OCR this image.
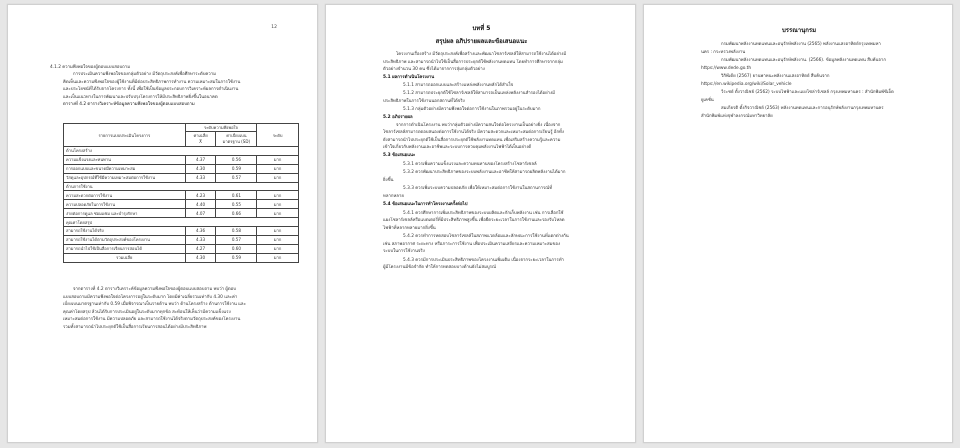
12
4.1.2 ความพึงพอใจของผู้ตอบแบบสอบถาม
การประเมินความพึงพอใจของกลุ่มตัวอย่าง มีวัตถุประสงค์เพื่อศึกษาระดับความ
คิดเห็นและความพึงพอใจของผู้ใช้งานที่มีต่อประสิทธิภาพการทำงาน ความเหมาะสมในการใช้งาน
และประโยชน์ที่ได้รับจากโครงการ ทั้งนี้ เพื่อใช้เป็นข้อมูลประกอบการวิเคราะห์ผลการดำเนินงาน
และเป็นแนวทางในการพัฒนาและปรับปรุงโครงการให้มีประสิทธิภาพยิ่งขึ้นในอนาคต
ตารางที่ 4.2 ตารางวิเคราะห์ข้อมูลความพึงพอใจของผู้ตอบแบบสอบถาม
รายการแบบประเมินโครงการ	ระดับความพึงพอใจ		ระดับ
	ค่าเฉลี่ย
X̄	ค่าเบี่ยงเบน
มาตรฐาน (SD)	
ด้านโครงสร้าง			
ความแข็งแรงและทนทาน	4.37	0.56	มาก
การออกแบบและขนาดมีความเหมาะสม	4.30	0.59	มาก
วัสดุและอุปกรณ์ที่ใช้มีความเหมาะสมต่อการใช้งาน	4.33	0.57	มาก
ด้านการใช้งาน			
ความสะดวกต่อการใช้งาน	4.23	0.61	มาก
ความปลอดภัยในการใช้งาน	4.40	0.55	มาก
ง่ายต่อการดูแล ซ่อมแซม และบำรุงรักษา	4.07	0.66	มาก
คุณค่าโดยสรุป			
สามารถใช้งานได้จริง	4.36	0.58	มาก
สามารถใช้งานได้ตามวัตถุประสงค์ของโครงงาน	4.33	0.57	มาก
สามารถนำไปใช้เป็นสื่อการเรียนการสอนได้	4.27	0.60	มาก
รวมเฉลี่ย	4.30	0.59	มาก
จากตารางที่ 4.2 ตารางวิเคราะห์ข้อมูลความพึงพอใจของผู้ตอบแบบสอบถาม พบว่า ผู้ตอบ
แบบสอบถามมีความพึงพอใจต่อโครงการอยู่ในระดับมาก โดยมีค่าเฉลี่ยรวมเท่ากับ 4.30 และค่า
เบี่ยงเบนมาตรฐานเท่ากับ 0.59 เมื่อพิจารณาเป็นรายด้าน พบว่า ด้านโครงสร้าง ด้านการใช้งาน และ
คุณค่าโดยสรุป ล้วนได้รับการประเมินอยู่ในระดับมากทุกข้อ สะท้อนให้เห็นว่ามีความแข็งแรง
เหมาะสมต่อการใช้งาน มีความปลอดภัย และสามารถใช้งานได้จริงตามวัตถุประสงค์ของโครงงาน
รวมทั้งสามารถนำไปประยุกต์ใช้เป็นสื่อการเรียนการสอนได้อย่างมีประสิทธิภาพ
บทที่ 5
สรุปผล อภิปรายผลและข้อเสนอแนะ
โครงงานเรื่องสร้าง มีวัตถุประสงค์เพื่อสร้างและพัฒนาโซลาร์เซลล์ให้สามารถใช้งานได้อย่างมี
ประสิทธิภาพ และสามารถนำไปใช้เป็นสื่อการประยุกต์ใช้พลังงานทดแทน โดยทำการศึกษาจากกลุ่ม
ตัวอย่างจำนวน 30 คน ซึ่งได้มาจากการสุ่มกลุ่มตัวอย่าง
5.1 ผลการดำเนินโครงงาน
5.1.1 สามารถออกแบบและสร้างแหล่งพลังงานหลักได้สำเร็จ
5.1.2 สามารถประยุกต์ใช้โซลาร์เซลล์ให้สามารถเป็นแหล่งพลังงานสำรองได้อย่างมี
ประสิทธิภาพในการใช้งานนอกสถานที่ได้จริง
5.1.3 กลุ่มตัวอย่างมีความพึงพอใจต่อการใช้งานในภาพรวมอยู่ในระดับมาก
5.2 อภิปรายผล
จากการดำเนินโครงงาน พบว่ากลุ่มตัวอย่างมีความสนใจต่อโครงงานเป็นอย่างยิ่ง เนื่องจาก
โซลาร์เซลล์สามารถตอบสนองต่อการใช้งานได้จริง มีความสะดวกและเหมาะสมต่อการเรียนรู้ อีกทั้ง
ยังสามารถนำไปประยุกต์ใช้เป็นสื่อการประยุกต์ใช้พลังงานทดแทน เพื่อเสริมสร้างความรู้และความ
เข้าใจเกี่ยวกับพลังงานและอาชีพและระบบการควบคุมพลังงานไฟฟ้าได้เป็นอย่างดี
5.3 ข้อเสนอแนะ
5.3.1 ควรเพิ่มความแข็งแรงและความทนทานของโครงสร้างโซลาร์เซลล์
5.3.2 ควรพัฒนาประสิทธิภาพของระบบพลังงานและอาชีพให้สามารถผลิตพลังงานได้มาก
ยิ่งขึ้น
5.3.3 ควรเพิ่มระบบความปลอดภัย เพื่อให้เหมาะสมต่อการใช้งานในสถานการณ์ที่
หลากหลาย
5.4 ข้อเสนอแนะในการทำโครงงานครั้งต่อไป
5.4.1 ควรศึกษาการเพิ่มประสิทธิภาพของระบบผลิตและกักเก็บพลังงาน เช่น การเลือกใช้
แผงโซลาร์เซลล์หรือแบตเตอรี่ที่มีประสิทธิภาพสูงขึ้น เพื่อยืดระยะเวลาในการใช้งานและรองรับโหลด
ไฟฟ้าที่หลากหลายมากยิ่งขึ้น
5.4.2 ควรทำการทดสอบโซลาร์เซลล์ในสภาพแวดล้อมและลักษณะการใช้งานที่แตกต่างกัน
เช่น สภาพอากาศ ระยะทาง หรือภาระการใช้งาน เพื่อประเมินความเสถียรและความเหมาะสมของ
ระบบในการใช้งานจริง
5.4.3 ควรมีการประเมินประสิทธิภาพของโครงงานเพิ่มเติม เนื่องจากระยะเวลาในการทำ
ผู้มีโครงงานมีข้อจำกัด ทำให้การทดสอบบางด้านยังไม่สมบูรณ์
บรรณานุกรม
กรมพัฒนาพลังงานทดแทนและอนุรักษ์พลังงาน (2565) พลังงานแสงอาทิตย์กรุงเทพมหา
นคร : กระทรวงพลังงาน
กรมพัฒนาพลังงานทดแทนและอนุรักษ์พลังงาน. (2566). ข้อมูลพลังงานทดแทน สืบค้นจาก
https://www.dede.go.th
วิกิพีเดีย (2567) ยานพาหนะพลังงานแสงอาทิตย์ สืบค้นจาก
https://en.wikipedia.org/wiki/Solar_vehicle
วีระชย์ ตั้งวาณิชย์ (2562) ระบบไฟฟ้าและแผงโซล่าร์เซลล์ กรุงเทพมหานคร : สำนักพิมพ์ซีเอ็ด
ยูเคชั่น
สมเกียรติ ตั้งกิจวาณิชย์ (2563) พลังงานทดแทนและการอนุรักษ์พลังงานกรุงเทพมหานคร
สำนักพิมพ์แห่งจุฬาลงกรณ์มหาวิทยาลัย
